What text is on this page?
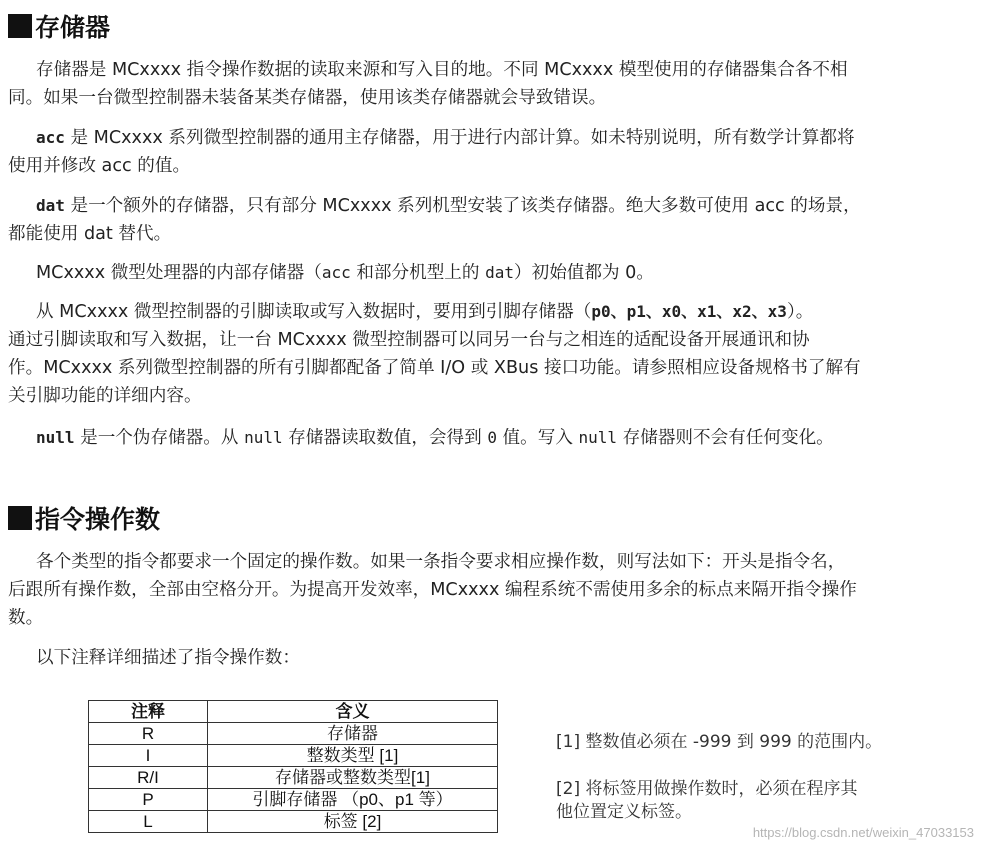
存储器
存储器是 MCxxxx 指令操作数据的读取来源和写入目的地。不同 MCxxxx 模型使用的存储器集合各不相
同。如果一台微型控制器未装备某类存储器，使用该类存储器就会导致错误。
acc 是 MCxxxx 系列微型控制器的通用主存储器，用于进行内部计算。如未特别说明，所有数学计算都将
使用并修改 acc 的值。
dat 是一个额外的存储器，只有部分 MCxxxx 系列机型安装了该类存储器。绝大多数可使用 acc 的场景，
都能使用 dat 替代。
MCxxxx 微型处理器的内部存储器（acc 和部分机型上的 dat）初始值都为 0。
从 MCxxxx 微型控制器的引脚读取或写入数据时，要用到引脚存储器（p0、p1、x0、x1、x2、x3）。
通过引脚读取和写入数据，让一台 MCxxxx 微型控制器可以同另一台与之相连的适配设备开展通讯和协
作。MCxxxx 系列微型控制器的所有引脚都配备了简单 I/O 或 XBus 接口功能。请参照相应设备规格书了解有
关引脚功能的详细内容。
null 是一个伪存储器。从 null 存储器读取数值，会得到 0 值。写入 null 存储器则不会有任何变化。
指令操作数
各个类型的指令都要求一个固定的操作数。如果一条指令要求相应操作数，则写法如下：开头是指令名，
后跟所有操作数，全部由空格分开。为提高开发效率，MCxxxx 编程系统不需使用多余的标点来隔开指令操作
数。
以下注释详细描述了指令操作数：
注释	含义
R	存储器
I	整数类型 [1]
R/I	存储器或整数类型[1]
P	引脚存储器 （p0、p1 等）
L	标签 [2]
[1] 整数值必须在 -999 到 999 的范围内。
[2] 将标签用做操作数时，必须在程序其
他位置定义标签。
https://blog.csdn.net/weixin_47033153
